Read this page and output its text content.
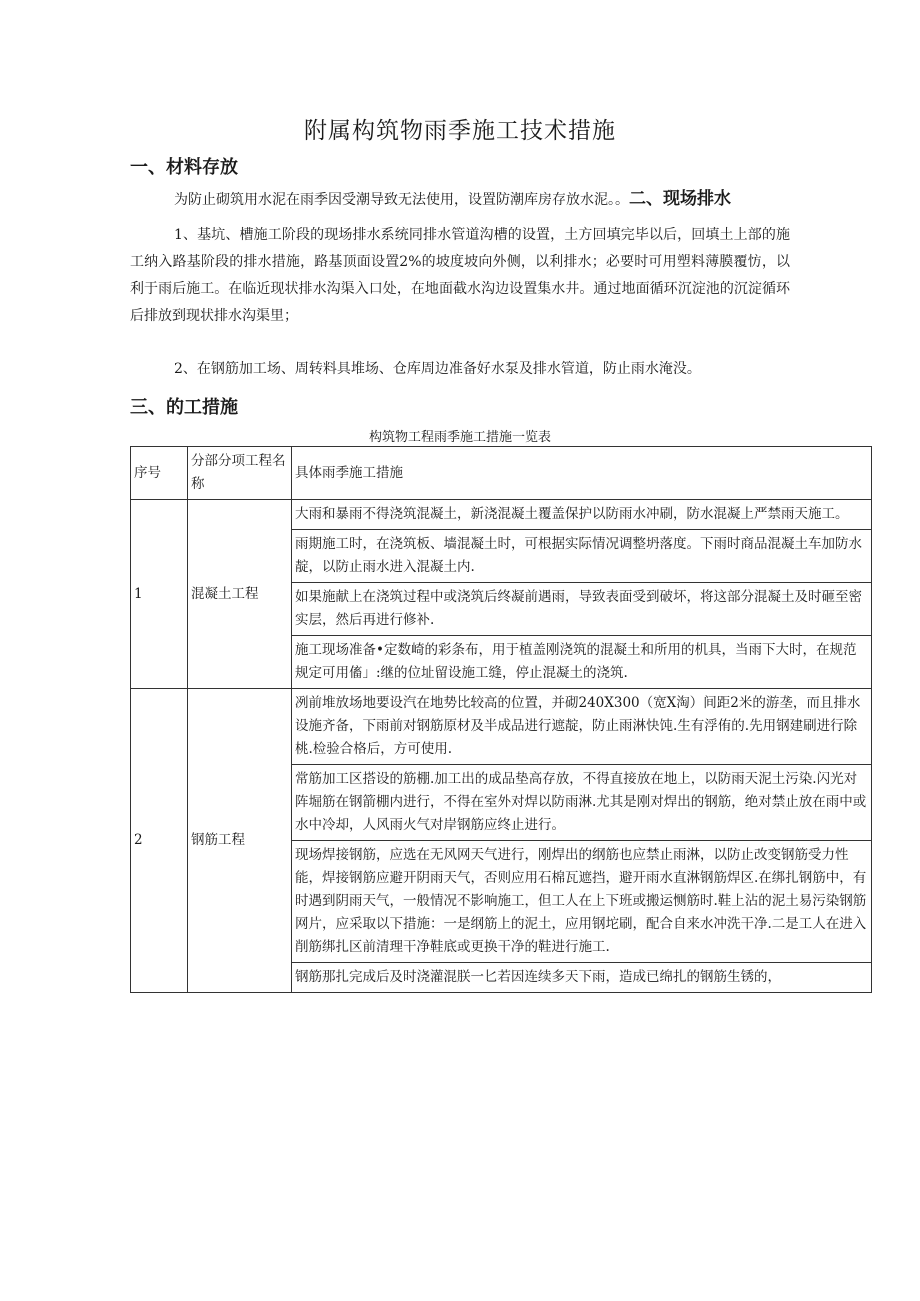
附属构筑物雨季施工技术措施
一、材料存放
为防止砌筑用水泥在雨季因受潮导致无法使用，设置防潮库房存放水泥。。二、现场排水
1、基坑、槽施工阶段的现场排水系统同排水管道沟槽的设置，土方回填完毕以后，回填土上部的施工纳入路基阶段的排水措施，路基顶面设置2%的坡度坡向外侧，以利排水；必要时可用塑料薄膜覆㤃，以利于雨后施工。在临近现状排水沟渠入口处，在地面截水沟边设置集水井。通过地面循环沉淀池的沉淀循环后排放到现状排水沟渠里；
2、在钢筋加工场、周转料具堆场、仓库周边准备好水泵及排水管道，防止雨水淹没。
三、的工措施
构筑物工程雨季施工措施一览表
序号	分部分项工程名称	具体雨季施工措施
1	混凝土工程	大雨和暴雨不得浇筑混凝土，新浇混凝土覆盖保护以防雨水冲刷，防水混凝上严禁雨天施工。
		雨期施工时，在浇筑板、墙混凝土时，可根据实际情况调整坍落度。下雨时商品混凝土车加防水靛，以防止雨水进入混凝土内.
		如果施献上在浇筑过程中或浇筑后终凝前遇雨，导致表面受到破坏，将这部分混凝土及时砸至密实层，然后再进行修补.
		施工现场准备•定数崎的彩条布，用于植盖刚浇筑的混凝土和所用的机具，当雨下大时，在规范规定可用傗」:继的位址留设施工缝，停止混凝土的浇筑.
2	钢筋工程	冽前堆放场地要设汽在地势比较高的位置，并砌240X300（宽X淘）间距2米的游垄，而且排水设施齐备，下雨前对钢筋原材及半成品进行遮靛，防止雨淋快饨.生有浮侑的.先用钢建刷进行除桃.检验合格后，方可使用.
		常筋加工区搭设的筋棚.加工出的成品垫高存放，不得直接放在地上，以防雨天泥土污染.闪光对阵堀筋在钢箭棚内进行，不得在室外对焊以防雨淋.尤其是刚对焊出的钢筋，绝对禁止放在雨中或水中冷却，人风雨火气对岸钢筋应终止进行。
		现场焊接钢筋，应选在无风网天气进行，刚焊出的纲筋也应禁止雨淋，以防止改变钢筋受力性能，焊接钢筋应避开阴雨天气，否则应用石棉瓦遮挡，避开雨水直淋钢筋焊区.在绑扎钢筋中，有时遇到阴雨天气，一般情况不影响施工，但工人在上下班或搬运恻筋时.鞋上沾的泥土易污染钢筋网片，应采取以下措施：一是纲筋上的泥土，应用钢坨刷，配合自来水冲洗干净.二是工人在进入削筋绑扎区前清理干净鞋底或更换干净的鞋进行施工.
		钢筋那扎完成后及时浇灌混朕一匕若因连续多天下雨，造成已绵扎的钢筋生锈的，
